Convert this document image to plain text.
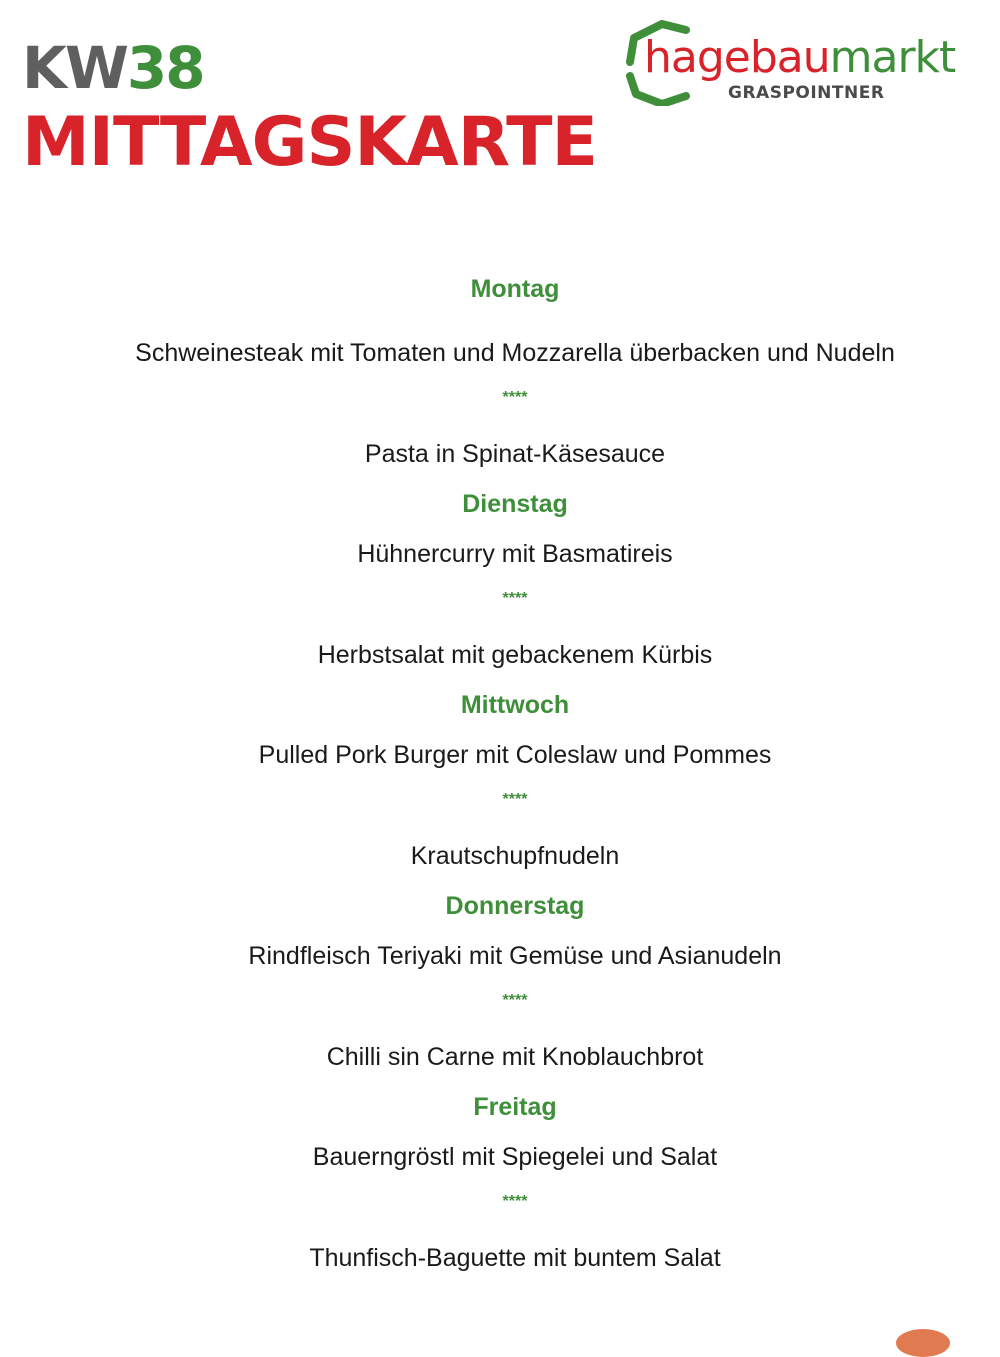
KW38
MITTAGSKARTE
hagebaumarkt
GRASPOINTNER
Montag
Schweinesteak mit Tomaten und Mozzarella überbacken und Nudeln
****
Pasta in Spinat-Käsesauce
Dienstag
Hühnercurry mit Basmatireis
****
Herbstsalat mit gebackenem Kürbis
Mittwoch
Pulled Pork Burger mit Coleslaw und Pommes
****
Krautschupfnudeln
Donnerstag
Rindfleisch Teriyaki mit Gemüse und Asianudeln
****
Chilli sin Carne mit Knoblauchbrot
Freitag
Bauerngröstl mit Spiegelei und Salat
****
Thunfisch-Baguette mit buntem Salat
